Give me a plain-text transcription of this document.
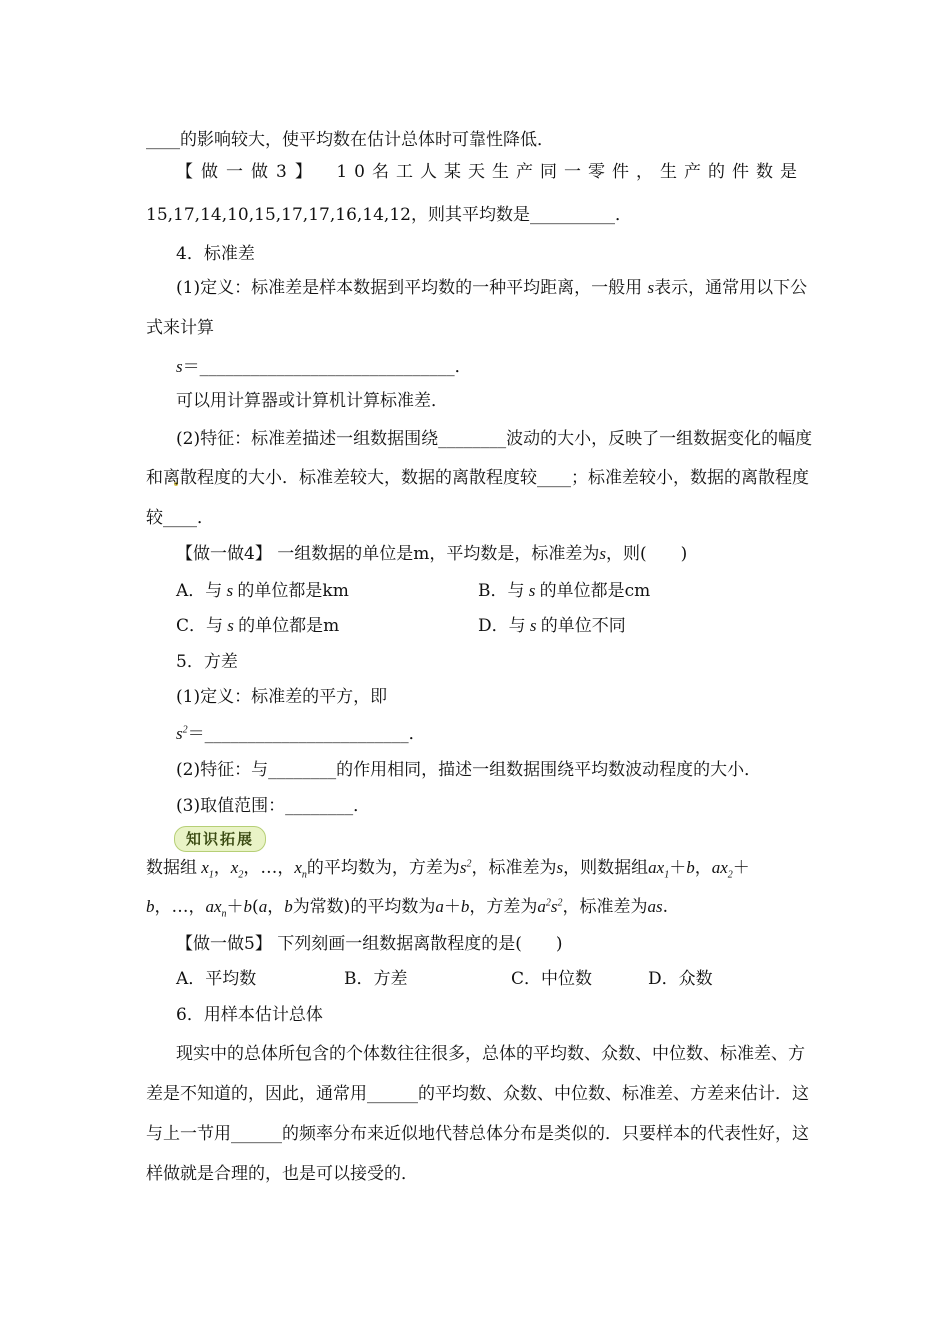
____的影响较大，使平均数在估计总体时可靠性降低．
【做一做3】 10名工人某天生产同一零件，生产的件数是
15,17,14,10,15,17,17,16,14,12，则其平均数是__________．
4．标准差
(1)定义：标准差是样本数据到平均数的一种平均距离，一般用 s表示，通常用以下公
式来计算
s＝______________________________．
可以用计算器或计算机计算标准差．
(2)特征：标准差描述一组数据围绕________波动的大小，反映了一组数据变化的幅度
和离散程度的大小．标准差较大，数据的离散程度较____；标准差较小，数据的离散程度
较____．
【做一做4】 一组数据的单位是m，平均数是，标准差为s，则(　　)
A．与 s 的单位都是km	B．与 s 的单位都是cm
C．与 s 的单位都是m	D．与 s 的单位不同
5．方差
(1)定义：标准差的平方，即
$s^2=\_\_\_\_\_\_\_\_\_\_\_\_\_\_\_\_\_\_\_\_\_\_\_\_$．
(2)特征：与________的作用相同，描述一组数据围绕平均数波动程度的大小．
(3)取值范围：________．
知识拓展
数据组 $x_1$，$x_2$，…，$x_n$的平均数为，方差为$s^2$，标准差为s，则数据组$ax_1+b$，$ax_2+$
b，…，$ax_n+b(a$，b为常数)的平均数为a＋b，方差为$a^2s^2$，标准差为as.
【做一做5】 下列刻画一组数据离散程度的是(　　)
A．平均数	B．方差	C．中位数	D．众数
6．用样本估计总体
现实中的总体所包含的个体数往往很多，总体的平均数、众数、中位数、标准差、方
差是不知道的，因此，通常用______的平均数、众数、中位数、标准差、方差来估计．这
与上一节用______的频率分布来近似地代替总体分布是类似的．只要样本的代表性好，这
样做就是合理的，也是可以接受的．
